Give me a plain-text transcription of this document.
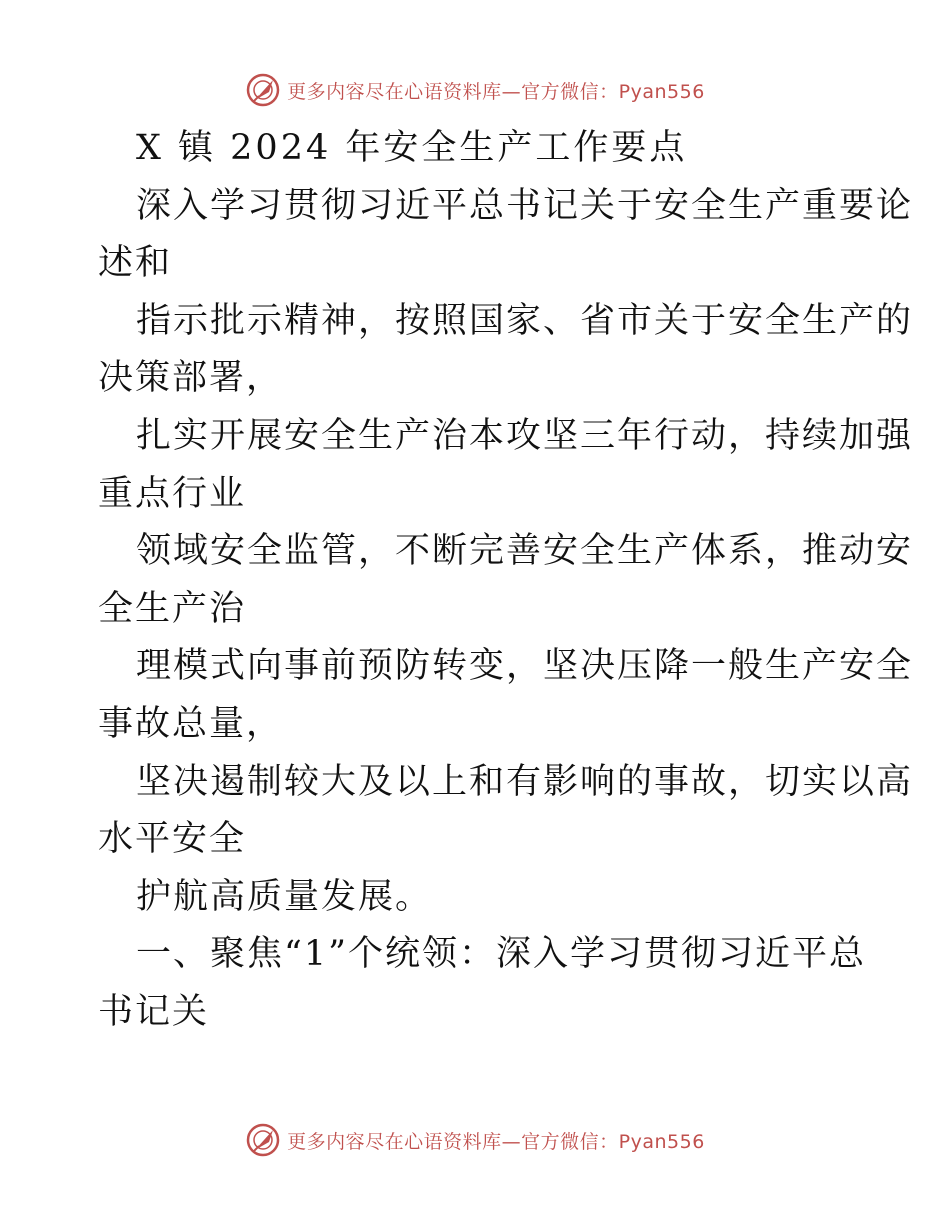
更多内容尽在心语资料库—官方微信：Pyan556
X 镇 2024 年安全生产工作要点
深入学习贯彻习近平总书记关于安全生产重要论
述和
指示批示精神，按照国家、省市关于安全生产的
决策部署，
扎实开展安全生产治本攻坚三年行动，持续加强
重点行业
领域安全监管，不断完善安全生产体系，推动安
全生产治
理模式向事前预防转变，坚决压降一般生产安全
事故总量，
坚决遏制较大及以上和有影响的事故，切实以高
水平安全
护航高质量发展。
一、聚焦“1”个统领：深入学习贯彻习近平总
书记关
更多内容尽在心语资料库—官方微信：Pyan556
